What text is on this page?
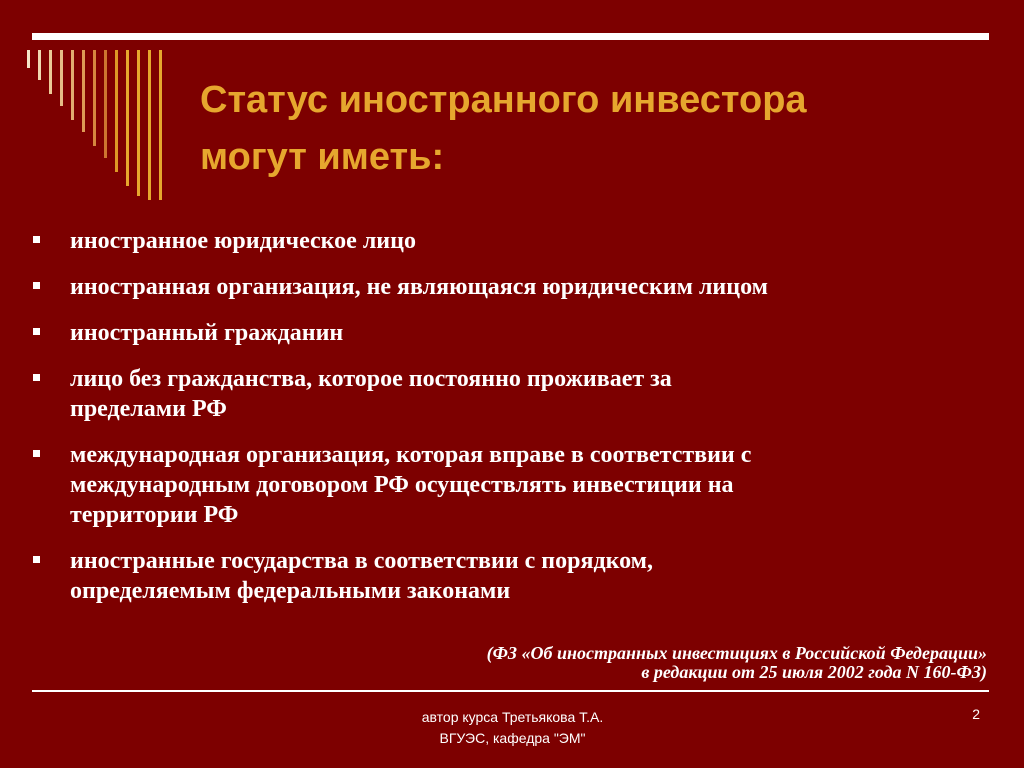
Статус иностранного инвестора
могут иметь:
иностранное юридическое лицо
иностранная организация, не являющаяся юридическим лицом
иностранный гражданин
лицо без гражданства, которое постоянно проживает за
пределами РФ
международная организация, которая вправе в соответствии с
международным договором РФ осуществлять инвестиции на
территории РФ
иностранные государства в соответствии с порядком,
определяемым федеральными законами
(ФЗ «Об иностранных инвестициях в Российской Федерации»
в редакции от 25 июля 2002 года N 160-ФЗ)
автор курса Третьякова Т.А.
ВГУЭС, кафедра "ЭМ"
2
